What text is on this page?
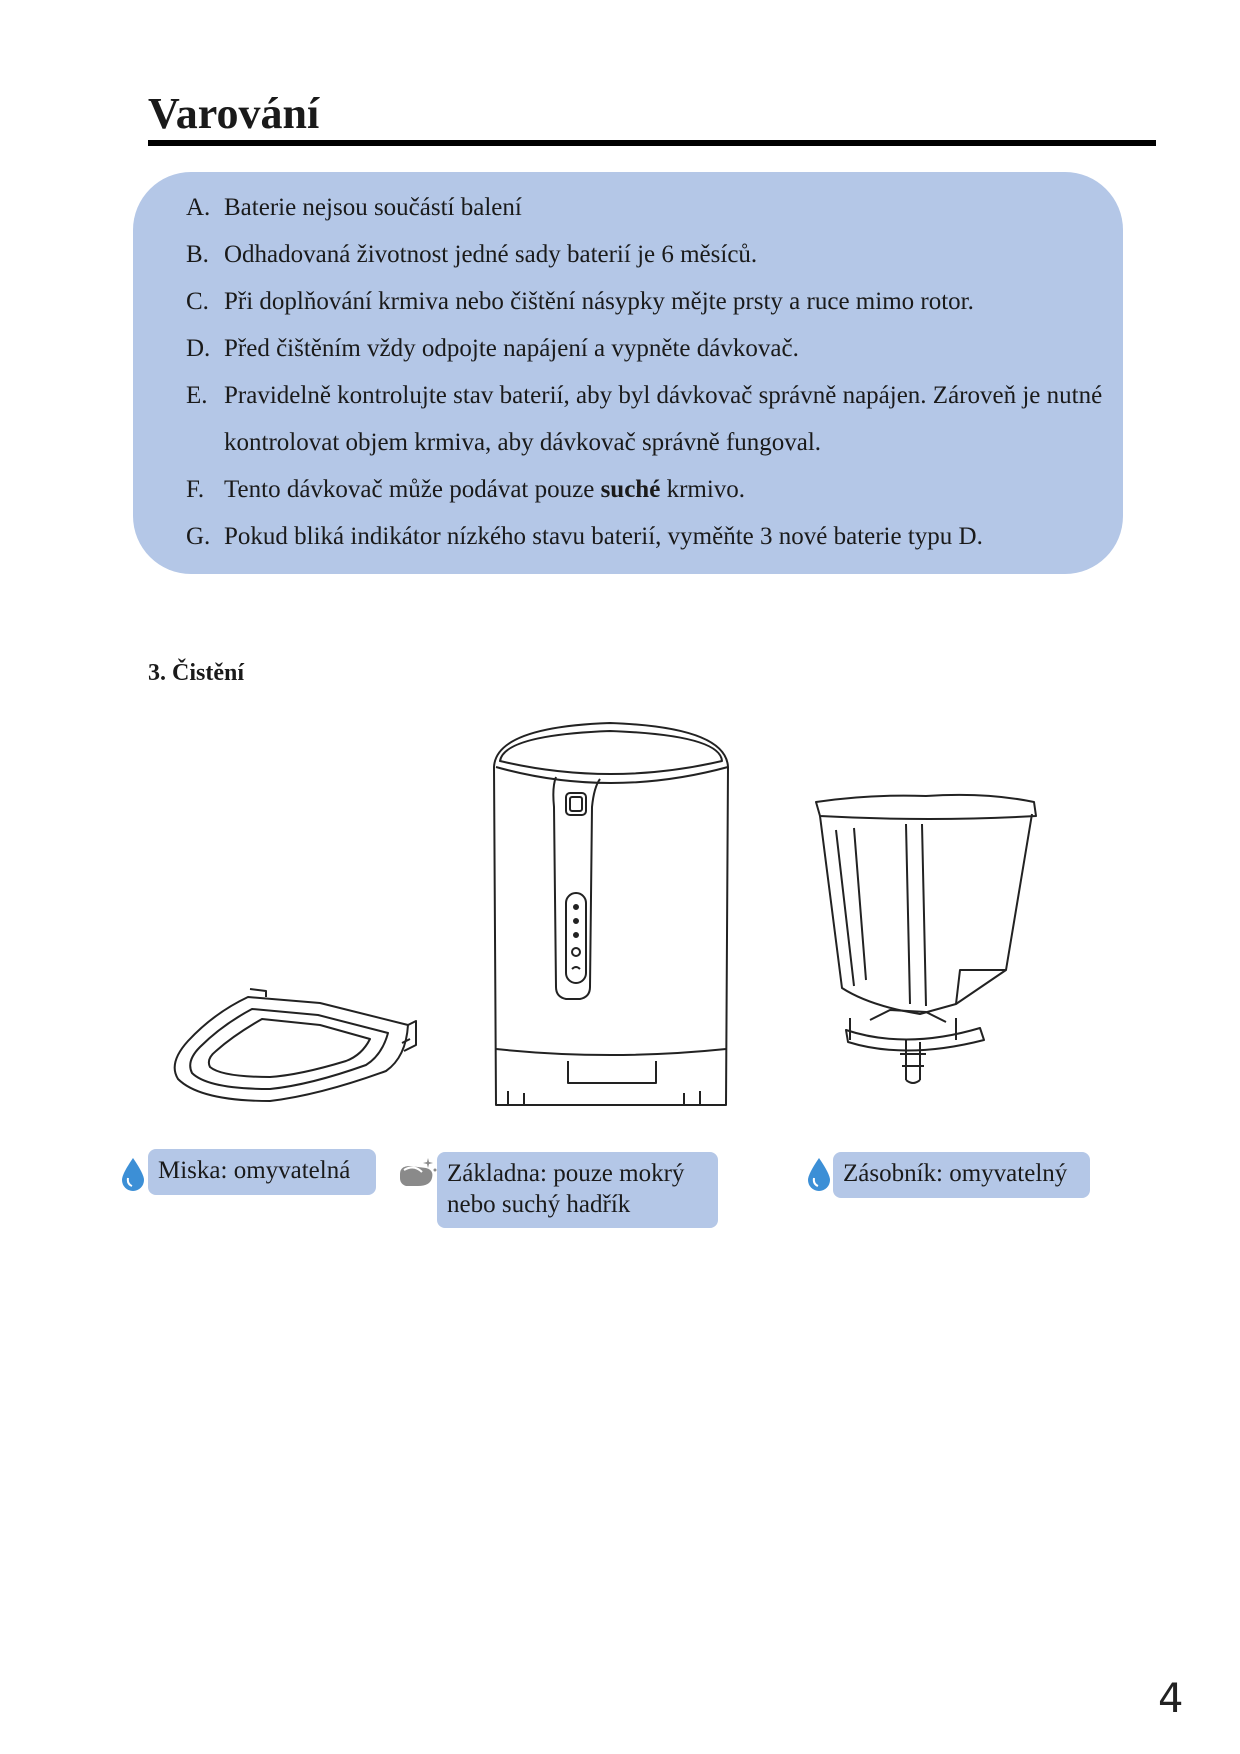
Varování
A. Baterie nejsou součástí balení
B. Odhadovaná životnost jedné sady baterií je 6 měsíců.
C. Při doplňování krmiva nebo čištění násypky mějte prsty a ruce mimo rotor.
D. Před čištěním vždy odpojte napájení a vypněte dávkovač.
E. Pravidelně kontrolujte stav baterií, aby byl dávkovač správně napájen. Zároveň je nutné kontrolovat objem krmiva, aby dávkovač správně fungoval.
F. Tento dávkovač může podávat pouze suché krmivo.
G. Pokud bliká indikátor nízkého stavu baterií, vyměňte 3 nové baterie typu D.
3. Čistění
Miska: omyvatelná	Základna: pouze mokrý
nebo suchý hadřík
Zásobník: omyvatelný
4
